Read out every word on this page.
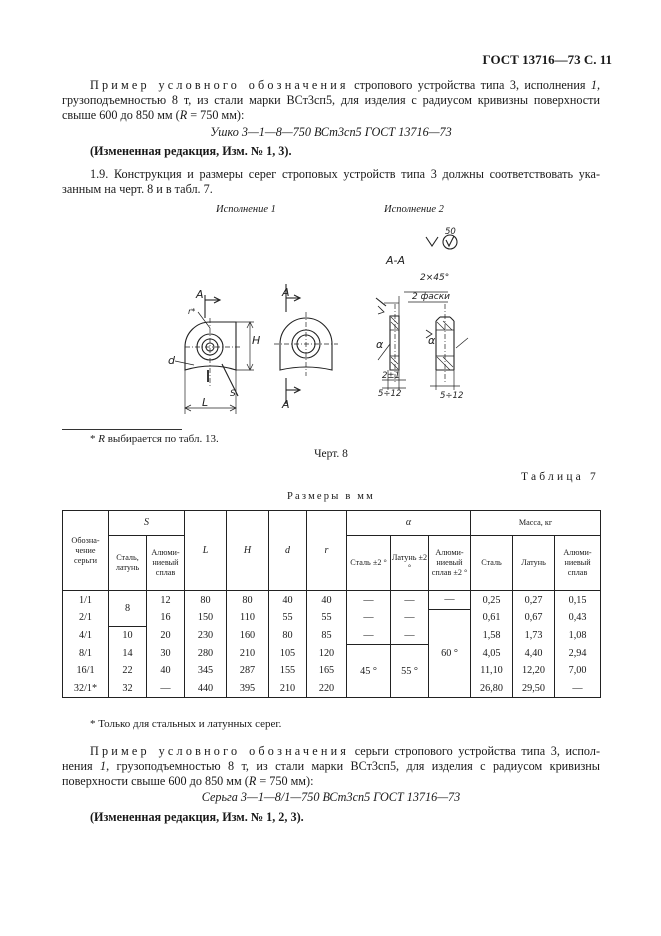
ГОСТ 13716—73 С. 11
Пример условного обозначения стропового устройства типа 3, исполнения 1,
грузоподъемностью 8 т, из стали марки ВСт3сп5, для изделия с радиусом кривизны поверхности
свыше 600 до 850 мм (R = 750 мм):
Ушко 3—1—8—750 ВСт3сп5 ГОСТ 13716—73
(Измененная редакция, Изм. № 1, 3).
1.9. Конструкция и размеры серег строповых устройств типа 3 должны соответствовать ука-
занным на черт. 8 и в табл. 7.
Исполнение 1	Исполнение 2
50
А-А
2×45°
2 фаски
А	А
А
r*
d
H
L
S
α	α
2±1
5÷12	5÷12
* R выбирается по табл. 13.
Черт. 8
Таблица 7
Размеры в мм
Обозна-чение серьги	S		L	H	d	r	α			Масса, кг		
	Сталь, латунь	Алюми-ниевый сплав					Сталь ±2 °	Латунь ±2 °	Алюми-ниевый сплав ±2 °	Сталь	Латунь	Алюми-ниевый сплав
1/1	8	12	80	80	40	40	—	—	—	0,25	0,27	0,15
2/1		16	150	110	55	55	—	—	60 °	0,61	0,67	0,43
4/1	10	20	230	160	80	85	—	—		1,58	1,73	1,08
8/1	14	30	280	210	105	120	45 °	55 °		4,05	4,40	2,94
16/1	22	40	345	287	155	165				11,10	12,20	7,00
32/1*	32	—	440	395	210	220				26,80	29,50	—
* Только для стальных и латунных серег.
Пример условного обозначения серьги стропового устройства типа 3, испол-
нения 1, грузоподъемностью 8 т, из стали марки ВСт3сп5, для изделия с радиусом кривизны
поверхности свыше 600 до 850 мм (R = 750 мм):
Серьга 3—1—8/1—750 ВСт3сп5 ГОСТ 13716—73
(Измененная редакция, Изм. № 1, 2, 3).
